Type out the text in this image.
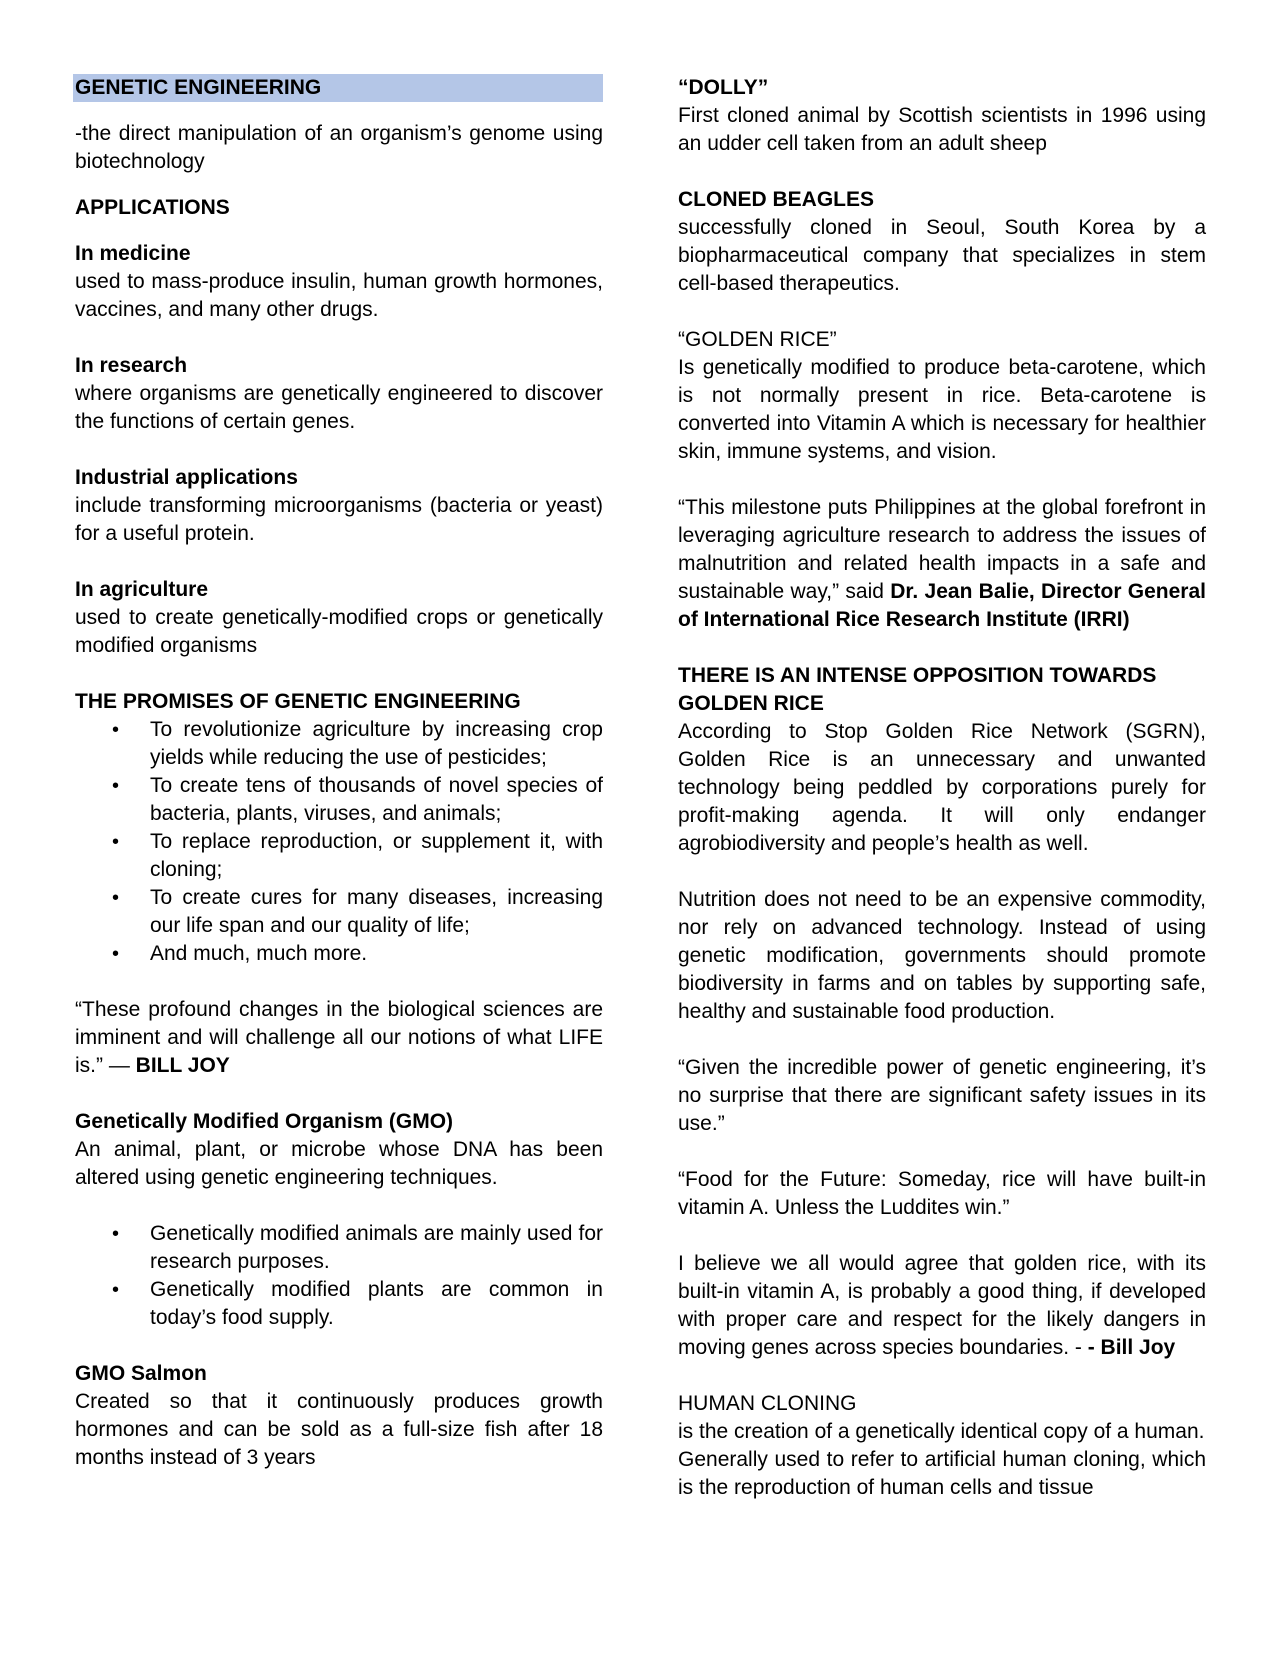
GENETIC ENGINEERING

-the direct manipulation of an organism’s genome using biotechnology

APPLICATIONS

In medicine

used to mass-produce insulin, human growth hormones, vaccines, and many other drugs.

In research

where organisms are genetically engineered to discover the functions of certain genes.

Industrial applications

include transforming microorganisms (bacteria or yeast) for a useful protein.

In agriculture

used to create genetically-modified crops or genetically modified organisms

THE PROMISES OF GENETIC ENGINEERING

• To revolutionize agriculture by increasing crop yields while reducing the use of pesticides;
• To create tens of thousands of novel species of bacteria, plants, viruses, and animals;
• To replace reproduction, or supplement it, with cloning;
• To create cures for many diseases, increasing our life span and our quality of life;
• And much, much more.

“These profound changes in the biological sciences are imminent and will challenge all our notions of what LIFE is.” — BILL JOY

Genetically Modified Organism (GMO)

An animal, plant, or microbe whose DNA has been altered using genetic engineering techniques.

• Genetically modified animals are mainly used for research purposes.
• Genetically modified plants are common in today’s food supply.

GMO Salmon

Created so that it continuously produces growth hormones and can be sold as a full-size fish after 18 months instead of 3 years

“DOLLY”

First cloned animal by Scottish scientists in 1996 using an udder cell taken from an adult sheep

CLONED BEAGLES

successfully cloned in Seoul, South Korea by a biopharmaceutical company that specializes in stem cell-based therapeutics.

“GOLDEN RICE”

Is genetically modified to produce beta-carotene, which is not normally present in rice. Beta-carotene is converted into Vitamin A which is necessary for healthier skin, immune systems, and vision.

“This milestone puts Philippines at the global forefront in leveraging agriculture research to address the issues of malnutrition and related health impacts in a safe and sustainable way,” said Dr. Jean Balie, Director General of International Rice Research Institute (IRRI)

THERE IS AN INTENSE OPPOSITION TOWARDS GOLDEN RICE

According to Stop Golden Rice Network (SGRN), Golden Rice is an unnecessary and unwanted technology being peddled by corporations purely for profit-making agenda. It will only endanger agrobiodiversity and people’s health as well.

Nutrition does not need to be an expensive commodity, nor rely on advanced technology. Instead of using genetic modification, governments should promote biodiversity in farms and on tables by supporting safe, healthy and sustainable food production.

“Given the incredible power of genetic engineering, it’s no surprise that there are significant safety issues in its use.”

“Food for the Future: Someday, rice will have built-in vitamin A. Unless the Luddites win.”

I believe we all would agree that golden rice, with its built-in vitamin A, is probably a good thing, if developed with proper care and respect for the likely dangers in moving genes across species boundaries. - - Bill Joy

HUMAN CLONING

is the creation of a genetically identical copy of a human.

Generally used to refer to artificial human cloning, which is the reproduction of human cells and tissue
